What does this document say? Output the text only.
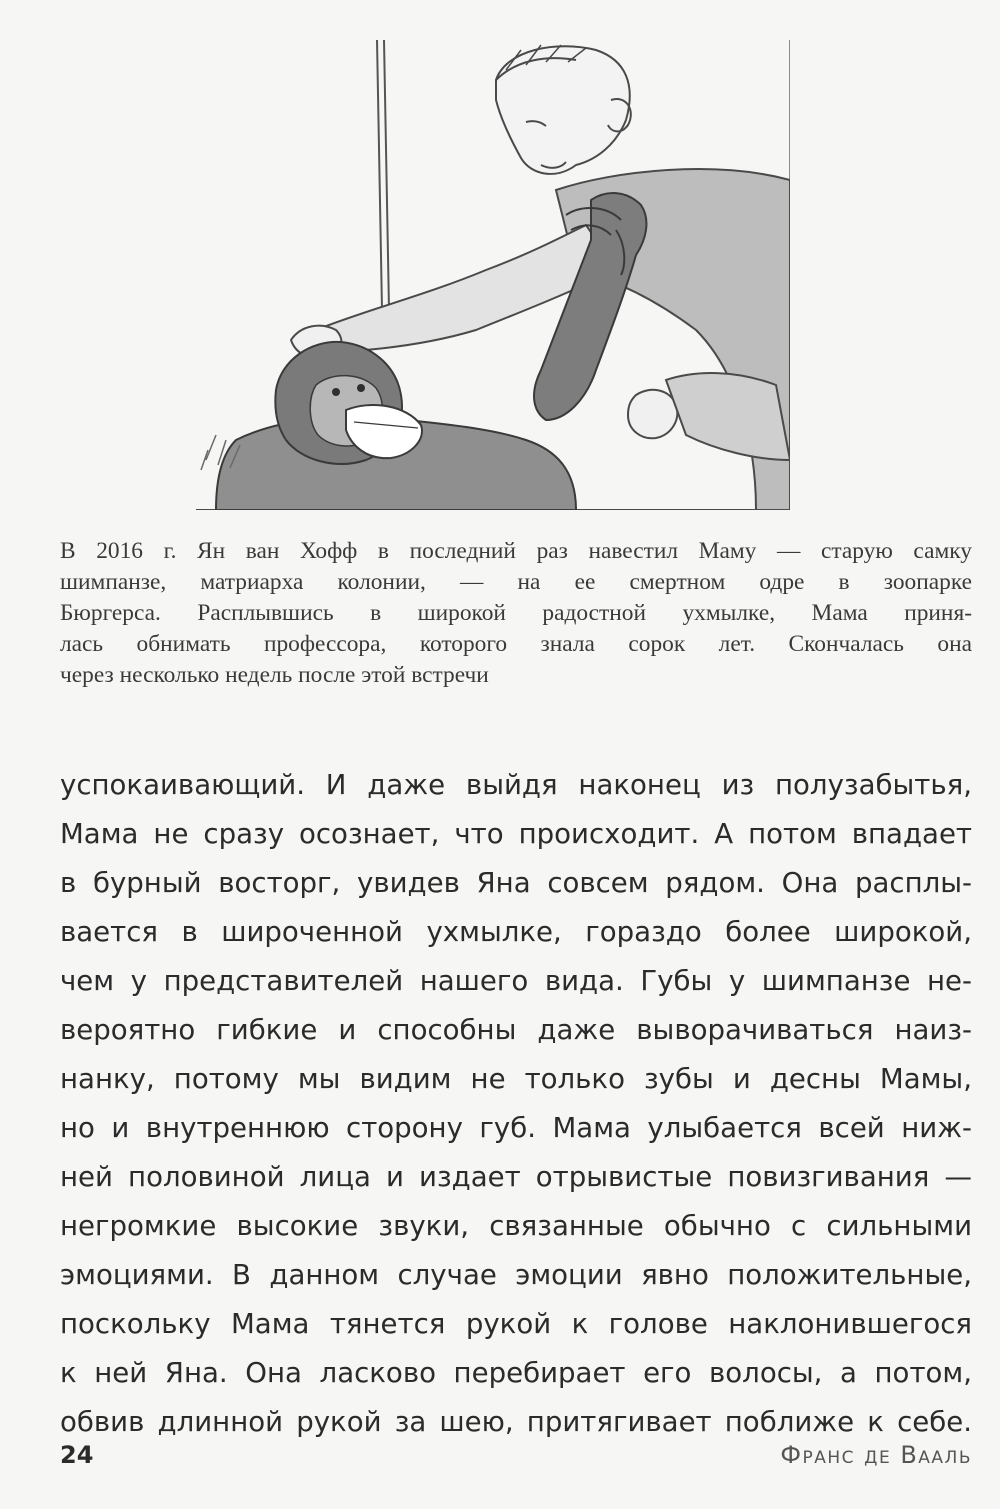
В 2016 г. Ян ван Хофф в последний раз навестил Маму — старую самку
шимпанзе, матриарха колонии, — на ее смертном одре в зоопарке
Бюргерса. Расплывшись в широкой радостной ухмылке, Мама приня-
лась обнимать профессора, которого знала сорок лет. Скончалась она
через несколько недель после этой встречи

успокаивающий. И даже выйдя наконец из полузабытья,
Мама не сразу осознает, что происходит. А потом впадает
в бурный восторг, увидев Яна совсем рядом. Она расплы-
вается в широченной ухмылке, гораздо более широкой,
чем у представителей нашего вида. Губы у шимпанзе не-
вероятно гибкие и способны даже выворачиваться наиз-
нанку, потому мы видим не только зубы и десны Мамы,
но и внутреннюю сторону губ. Мама улыбается всей ниж-
ней половиной лица и издает отрывистые повизгивания —
негромкие высокие звуки, связанные обычно с сильными
эмоциями. В данном случае эмоции явно положительные,
поскольку Мама тянется рукой к голове наклонившегося
к ней Яна. Она ласково перебирает его волосы, а потом,
обвив длинной рукой за шею, притягивает поближе к себе.

24	Франс де Вааль
